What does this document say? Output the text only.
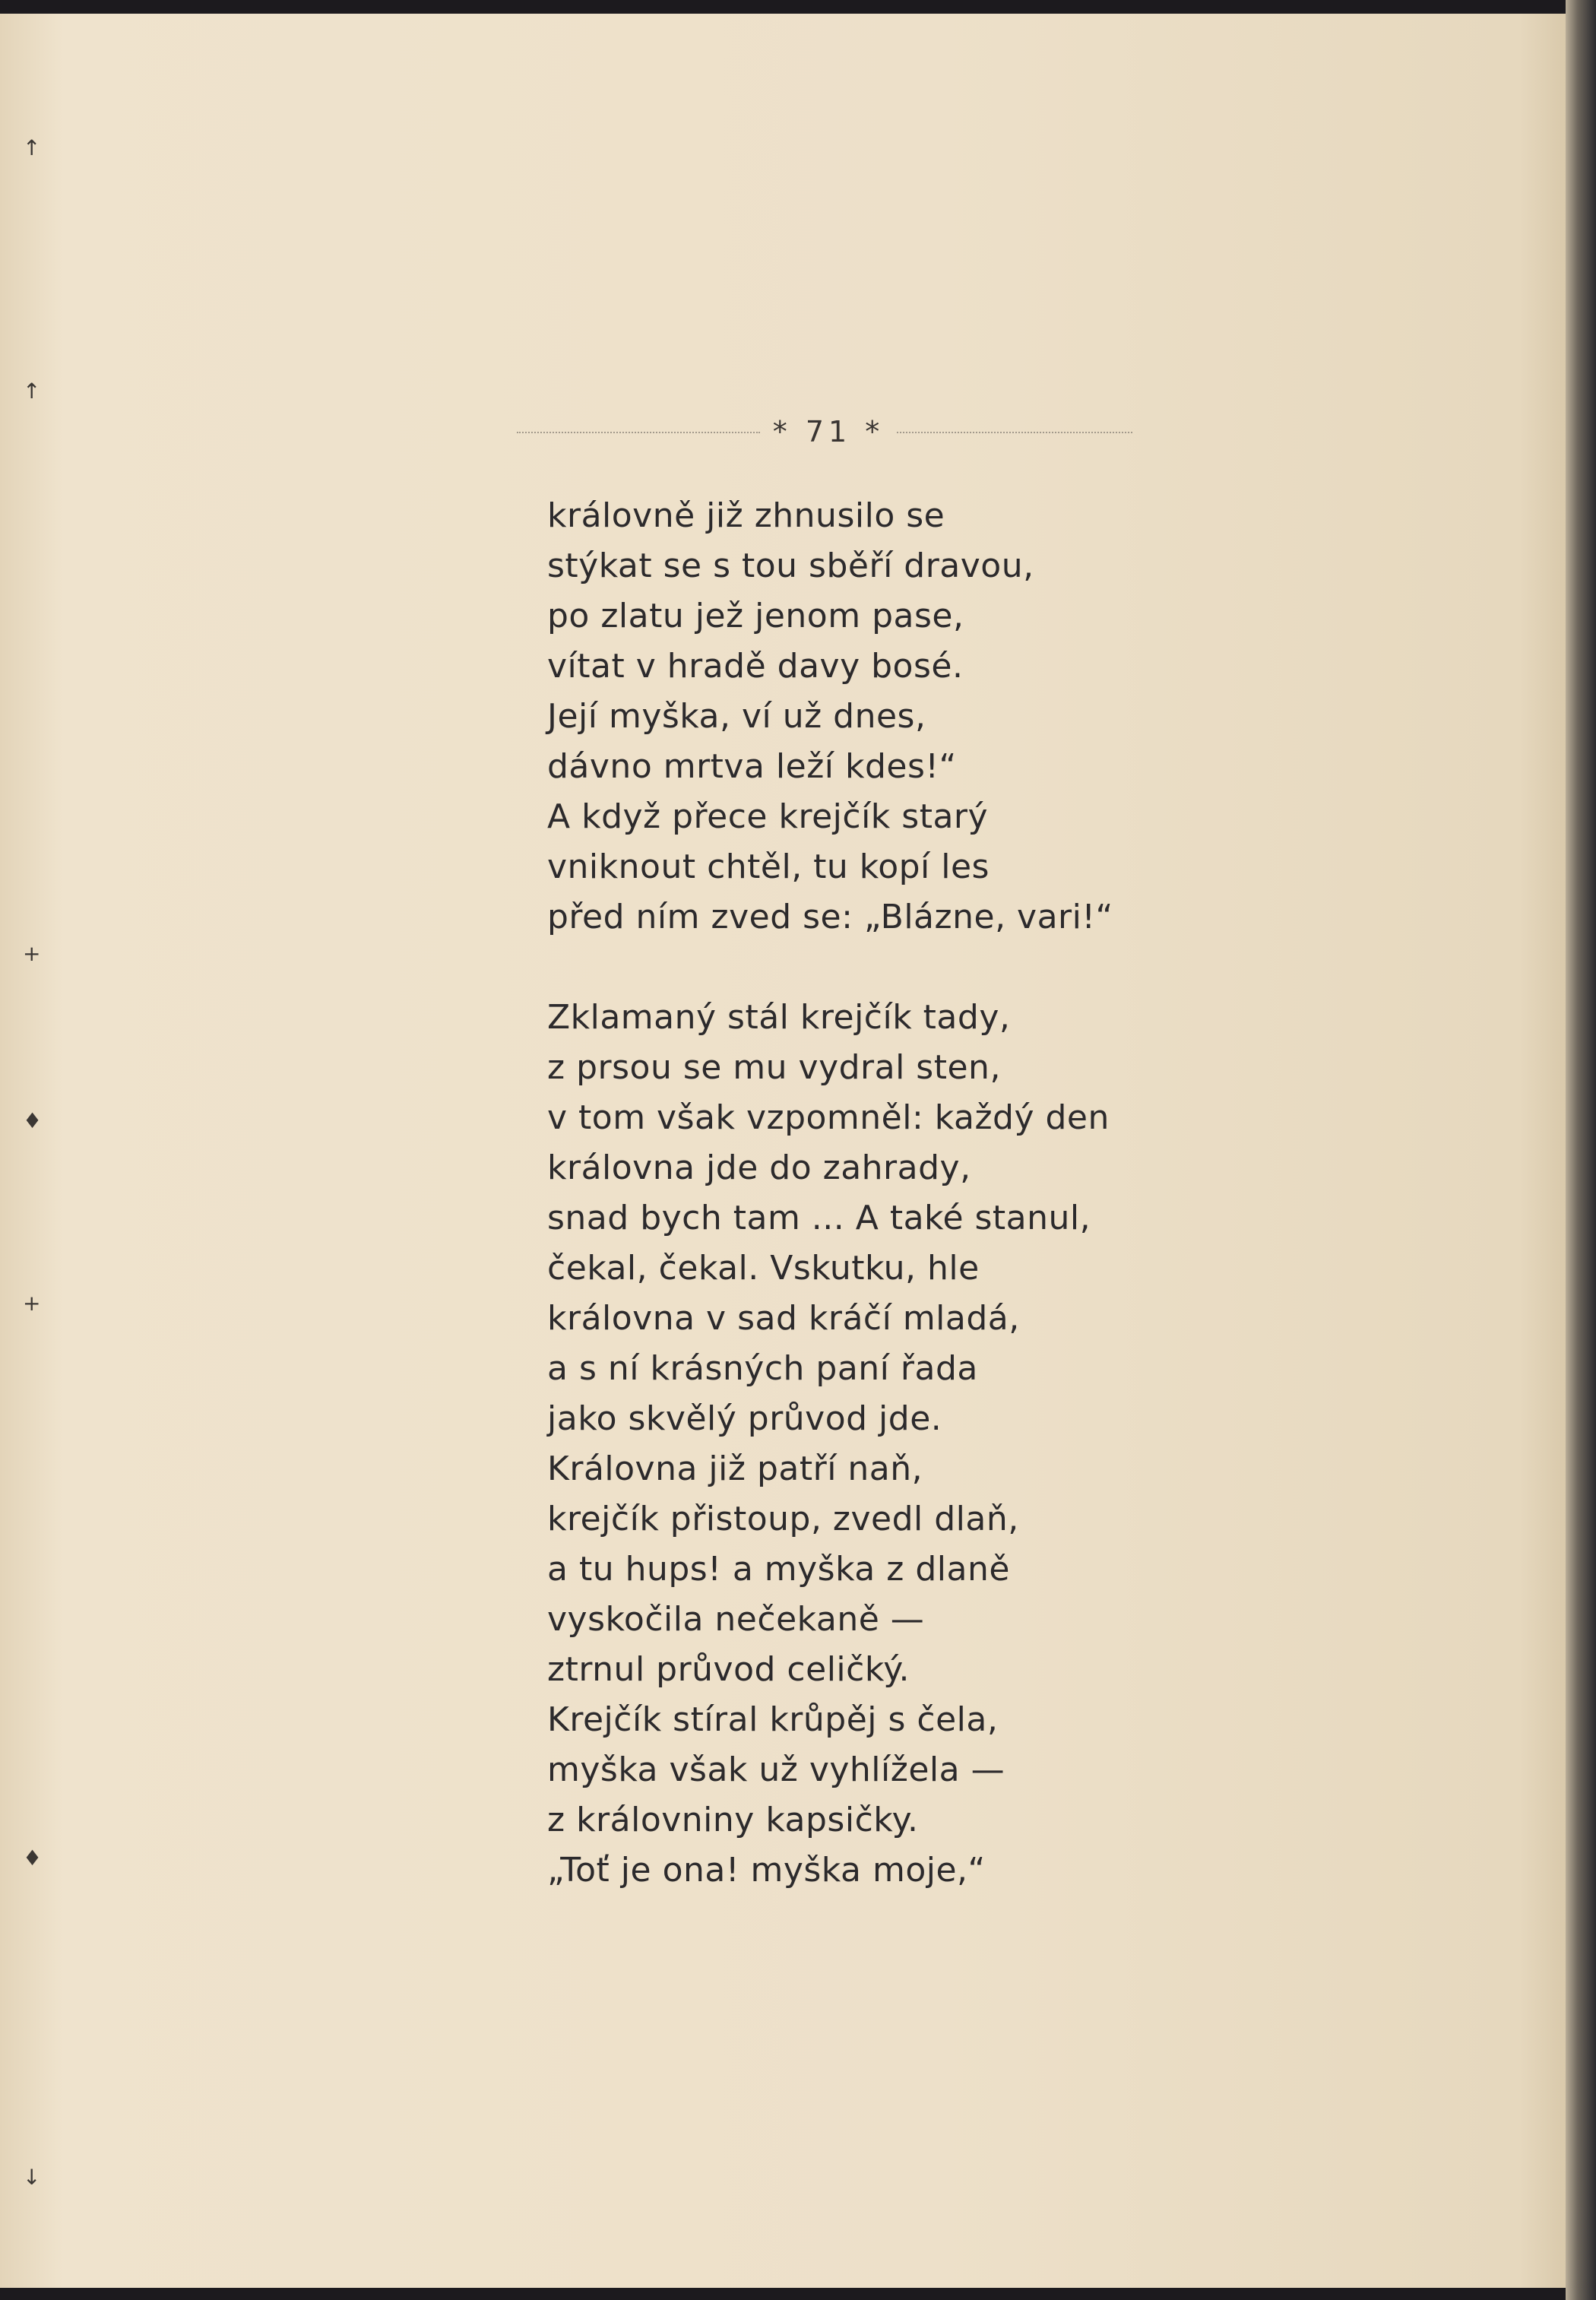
* 71 *
královně již zhnusilo se
stýkat se s tou sběří dravou,
po zlatu jež jenom pase,
vítat v hradě davy bosé.
Její myška, ví už dnes,
dávno mrtva leží kdes!“
A když přece krejčík starý
vniknout chtěl, tu kopí les
před ním zved se: „Blázne, vari!“
Zklamaný stál krejčík tady,
z prsou se mu vydral sten,
v tom však vzpomněl: každý den
královna jde do zahrady,
snad bych tam ... A také stanul,
čekal, čekal. Vskutku, hle
královna v sad kráčí mladá,
a s ní krásných paní řada
jako skvělý průvod jde.
Královna již patří naň,
krejčík přistoup, zvedl dlaň,
a tu hups! a myška z dlaně
vyskočila nečekaně —
ztrnul průvod celičký.
Krejčík stíral krůpěj s čela,
myška však už vyhlížela —
z královniny kapsičky.
„Toť je ona! myška moje,“
↑
↑
+
♦
+
♦
↓
